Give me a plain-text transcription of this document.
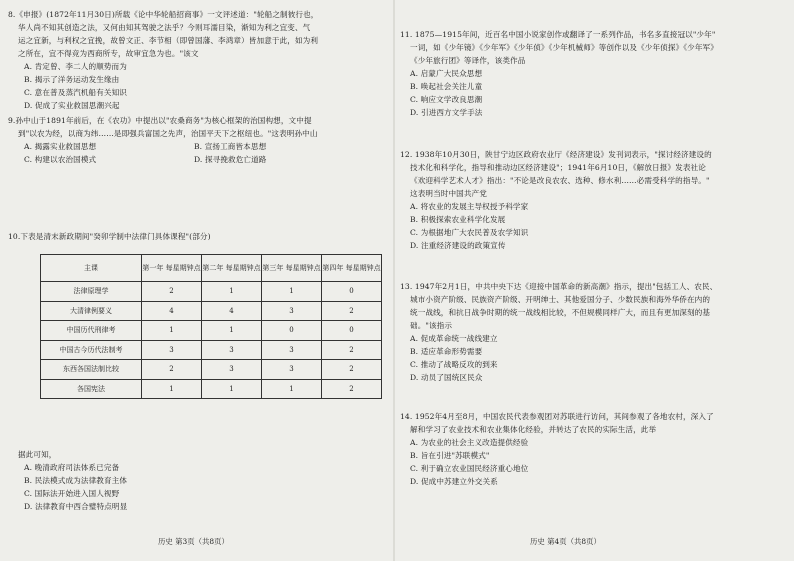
8.《申报》(1872年11月30日)所载《论中华轮船招商事》一文评述道："轮船之制彼行也，

华人尚不知其创造之法，又何由知其驾驶之法乎？今则耳濡目染，渐知为利之宜变、气

运之宜新，与利权之宜挽，故曾文正、李节相（即曾国藩、李鸿章）皆加意于此，如为利

之所在，宜不得竞为西商所专，故审宜急为也。"该文

A. 肯定曾、李二人的顺势而为

B. 揭示了洋务运动发生缘由

C. 意在普及蒸汽机船有关知识

D. 促成了实业救国思潮兴起

9.孙中山于1891年前后，在《农功》中提出以"农桑商务"为核心框架的治国构想，文中提

到"以农为经，以商为纬……是即强兵富国之先声，治国平天下之枢纽也。"这表明孙中山

A. 揭露实业救国思想	B. 宣扬工商皆本思想
C. 构建以农治国模式	D. 探寻挽救危亡道路

10.下表是清末新政期间"癸卯学制中法律门具体课程"(部分)

主课	第一年 每星期钟点	第二年 每星期钟点	第三年 每星期钟点	第四年 每星期钟点
法律原理学	2	1	1	0
大清律例要义	4	4	3	2
中国历代刑律考	1	1	0	0
中国古今历代法制考	3	3	3	2
东西各国法制比较	2	3	3	2
各国宪法	1	1	1	2

据此可知，

A. 晚清政府司法体系已完备

B. 民法模式成为法律教育主体

C. 国际法开始进入国人视野

D. 法律教育中西合璧特点明显

历史 第3页（共8页）

11. 1875—1915年间，近百名中国小说家创作或翻译了一系列作品，书名多直接冠以"少年"

一词，如《少年镜》《少年军》《少年侦》《少年机械师》等创作以及《少年侦探》《少年军》

《少年旅行团》等译作，该类作品

A. 启蒙广大民众思想

B. 唤起社会关注儿童

C. 响应文学改良思潮

D. 引进西方文学手法

12. 1938年10月30日，陕甘宁边区政府农业厅《经济建设》发刊词表示，"探讨经济建设的

技术化和科学化，指导和推动边区经济建设"；1941年6月10日，《解放日报》发表社论

《欢迎科学艺术人才》指出："不论是改良农农、选种、修水利……必需受科学的指导。"

这表明当时中国共产党

A. 将农业的发展主导权授予科学家

B. 积极探索农业科学化发展

C. 为根据地广大农民普及农学知识

D. 注重经济建设的政策宣传

13. 1947年2月1日，中共中央下达《迎接中国革命的新高潮》指示，提出"包括工人、农民、

城市小资产阶级、民族资产阶级、开明绅士、其他爱国分子、少数民族和海外华侨在内的

统一战线，和抗日战争时期的统一战线相比较，不但规模同样广大，而且有更加深刻的基

础。"该指示

A. 促成革命统一战线建立

B. 适应革命形势需要

C. 推动了战略反攻的到来

D. 动员了国统区民众

14. 1952年4月至8月，中国农民代表参观团对苏联进行访问，其间参观了各地农村，深入了

解和学习了农业技术和农业集体化经验，并转达了农民的实际生活，此举

A. 为农业的社会主义改造提供经验

B. 旨在引进"苏联模式"

C. 利于确立农业国民经济重心地位

D. 促成中苏建立外交关系

历史 第4页（共8页）
